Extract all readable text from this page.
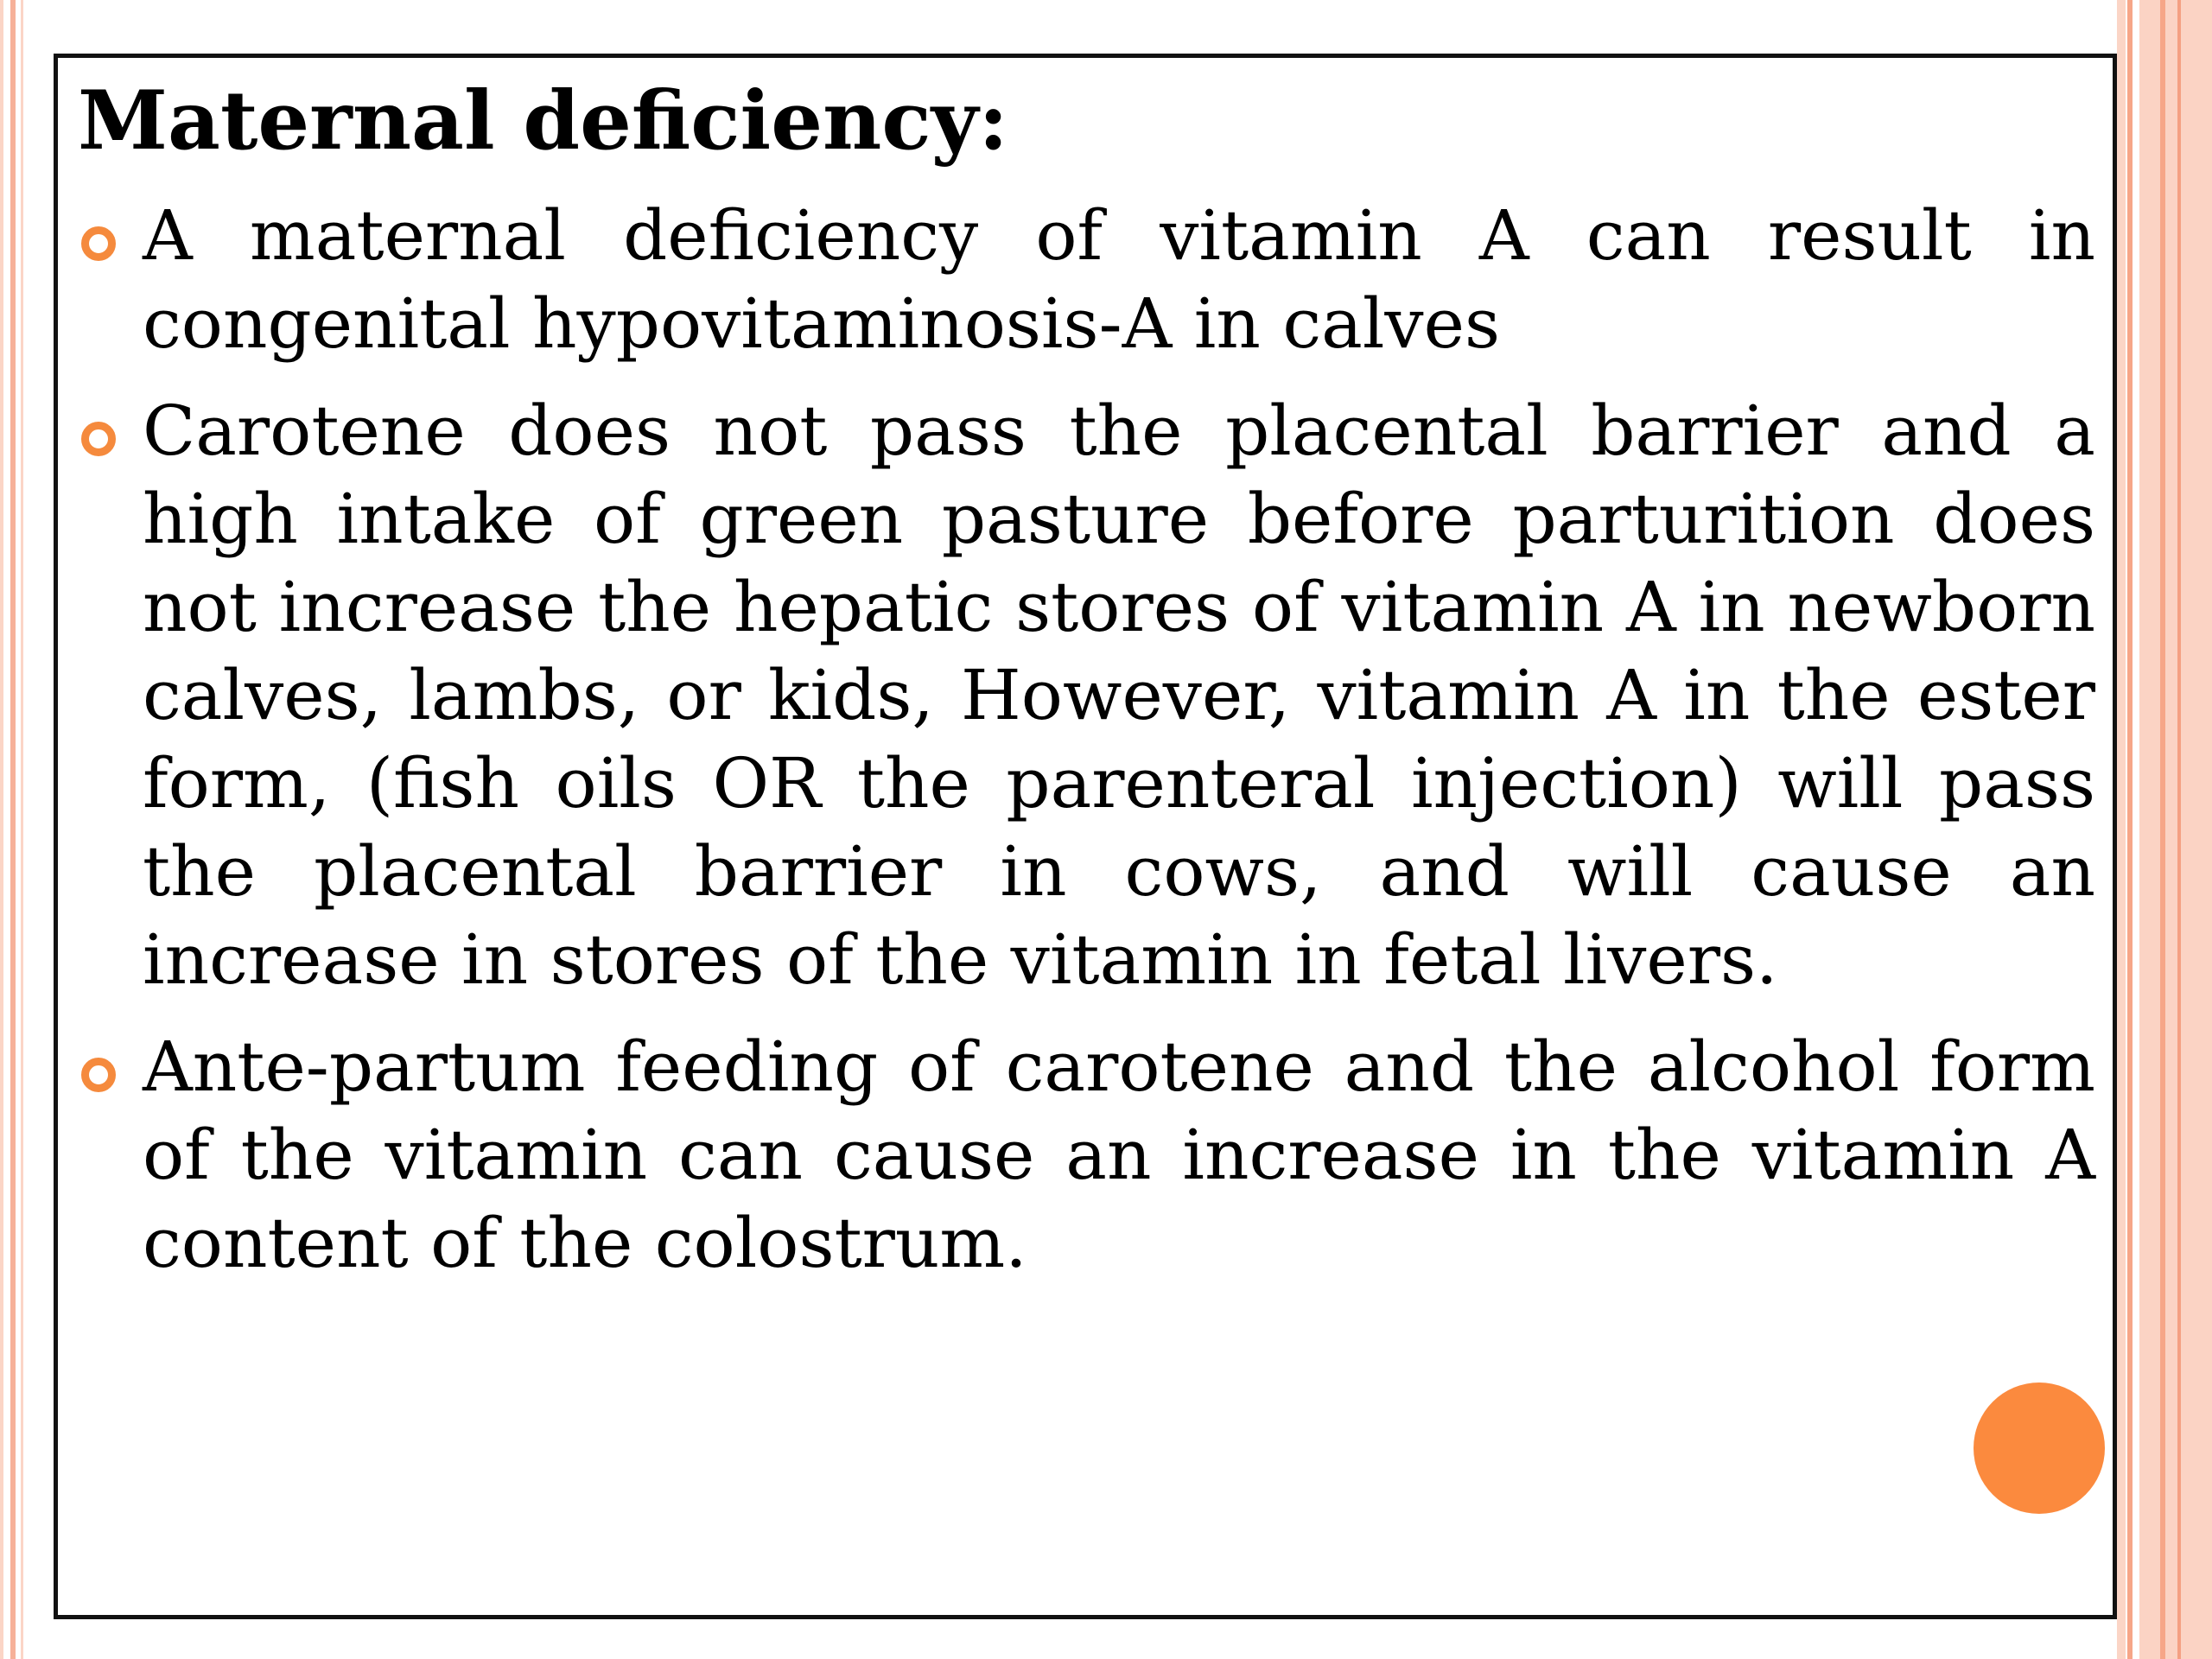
Maternal deficiency:
A maternal deficiency of vitamin A can result in congenital hypovitaminosis-A in calves
Carotene does not pass the placental barrier and a high intake of green pasture before parturition does not increase the hepatic stores of vitamin A in newborn calves, lambs, or kids, However, vitamin A in the ester form, (fish oils OR the parenteral injection) will pass the placental barrier in cows, and will cause an increase in stores of the vitamin in fetal livers.
Ante-partum feeding of carotene and the alcohol form of the vitamin can cause an increase in the vitamin A content of the colostrum.
